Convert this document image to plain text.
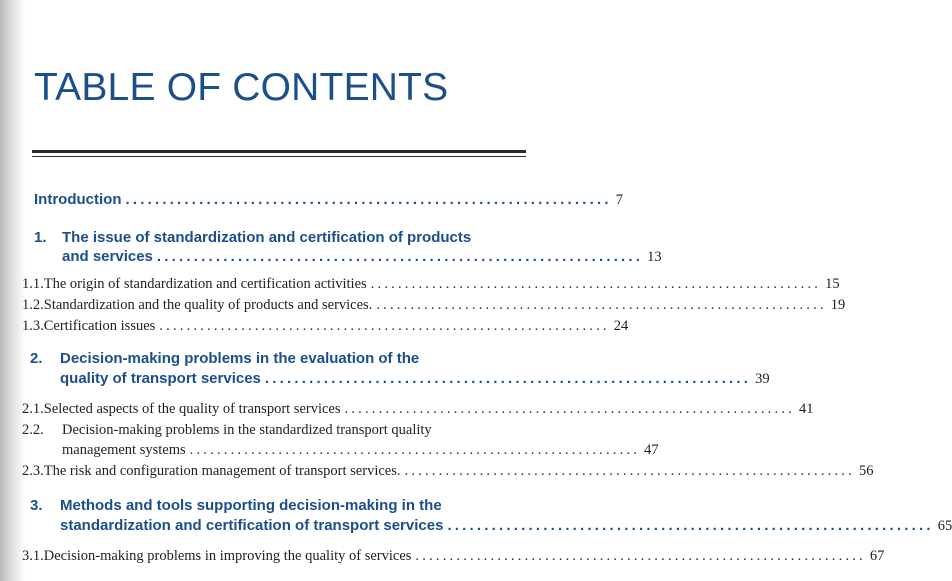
TABLE OF CONTENTS
Introduction .................................................................. 7
1.	The issue of standardization and certification of products
and services .................................................................. 13
1.1. The origin of standardization and certification activities .................................................................. 15
1.2. Standardization and the quality of products and services. .................................................................. 19
1.3. Certification issues .................................................................. 24
2.	Decision-making problems in the evaluation of the
quality of transport services .................................................................. 39
2.1. Selected aspects of the quality of transport services .................................................................. 41
2.2.	Decision-making problems in the standardized transport quality
management systems .................................................................. 47
2.3. The risk and configuration management of transport services. .................................................................. 56
3.	Methods and tools supporting decision-making in the
standardization and certification of transport services .................................................................. 65
3.1. Decision-making problems in improving the quality of services .................................................................. 67
